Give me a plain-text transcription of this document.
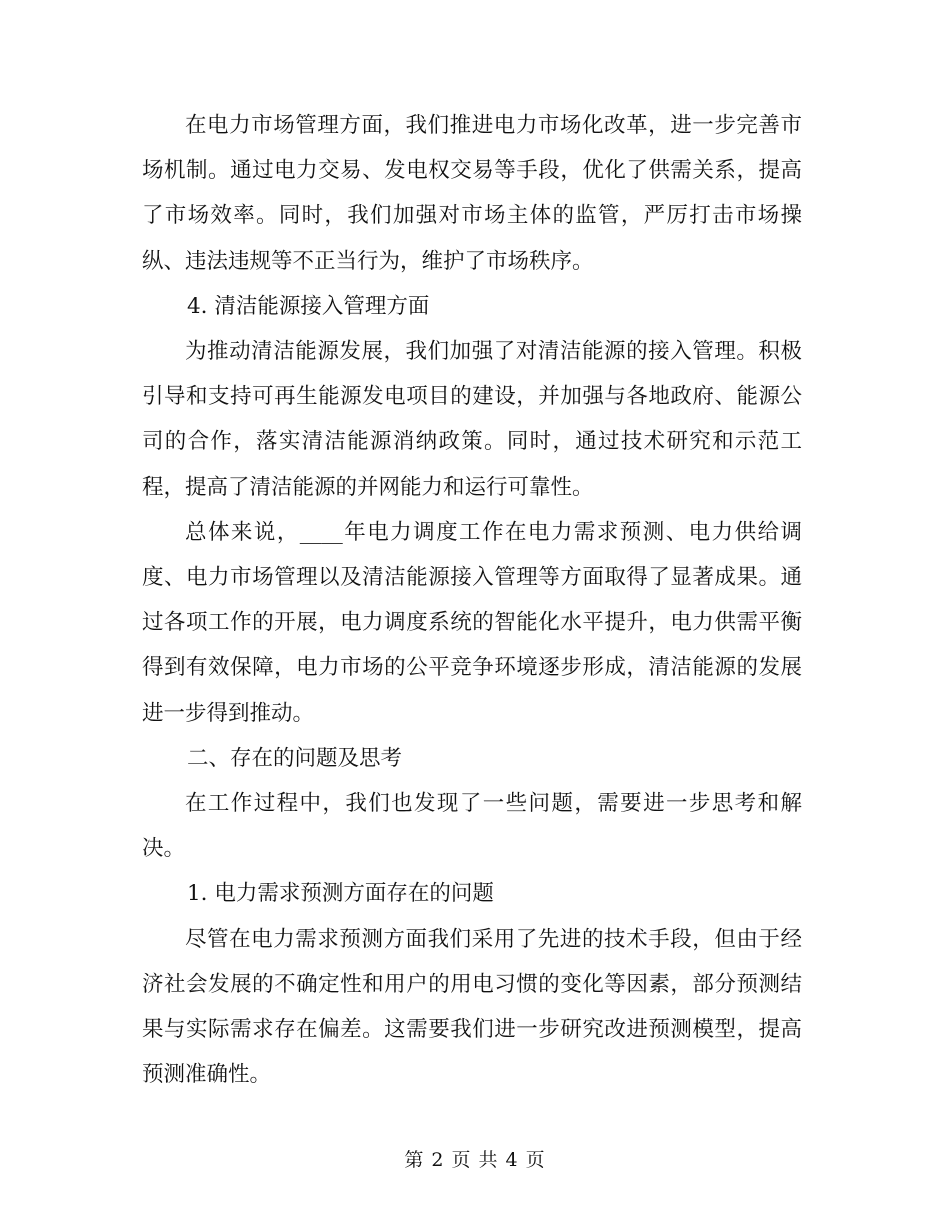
在电力市场管理方面，我们推进电力市场化改革，进一步完善市场机制。通过电力交易、发电权交易等手段，优化了供需关系，提高了市场效率。同时，我们加强对市场主体的监管，严厉打击市场操纵、违法违规等不正当行为，维护了市场秩序。

4. 清洁能源接入管理方面

为推动清洁能源发展，我们加强了对清洁能源的接入管理。积极引导和支持可再生能源发电项目的建设，并加强与各地政府、能源公司的合作，落实清洁能源消纳政策。同时，通过技术研究和示范工程，提高了清洁能源的并网能力和运行可靠性。

总体来说，____年电力调度工作在电力需求预测、电力供给调度、电力市场管理以及清洁能源接入管理等方面取得了显著成果。通过各项工作的开展，电力调度系统的智能化水平提升，电力供需平衡得到有效保障，电力市场的公平竞争环境逐步形成，清洁能源的发展进一步得到推动。

二、存在的问题及思考

在工作过程中，我们也发现了一些问题，需要进一步思考和解决。

1. 电力需求预测方面存在的问题

尽管在电力需求预测方面我们采用了先进的技术手段，但由于经济社会发展的不确定性和用户的用电习惯的变化等因素，部分预测结果与实际需求存在偏差。这需要我们进一步研究改进预测模型，提高预测准确性。

第 2 页 共 4 页
